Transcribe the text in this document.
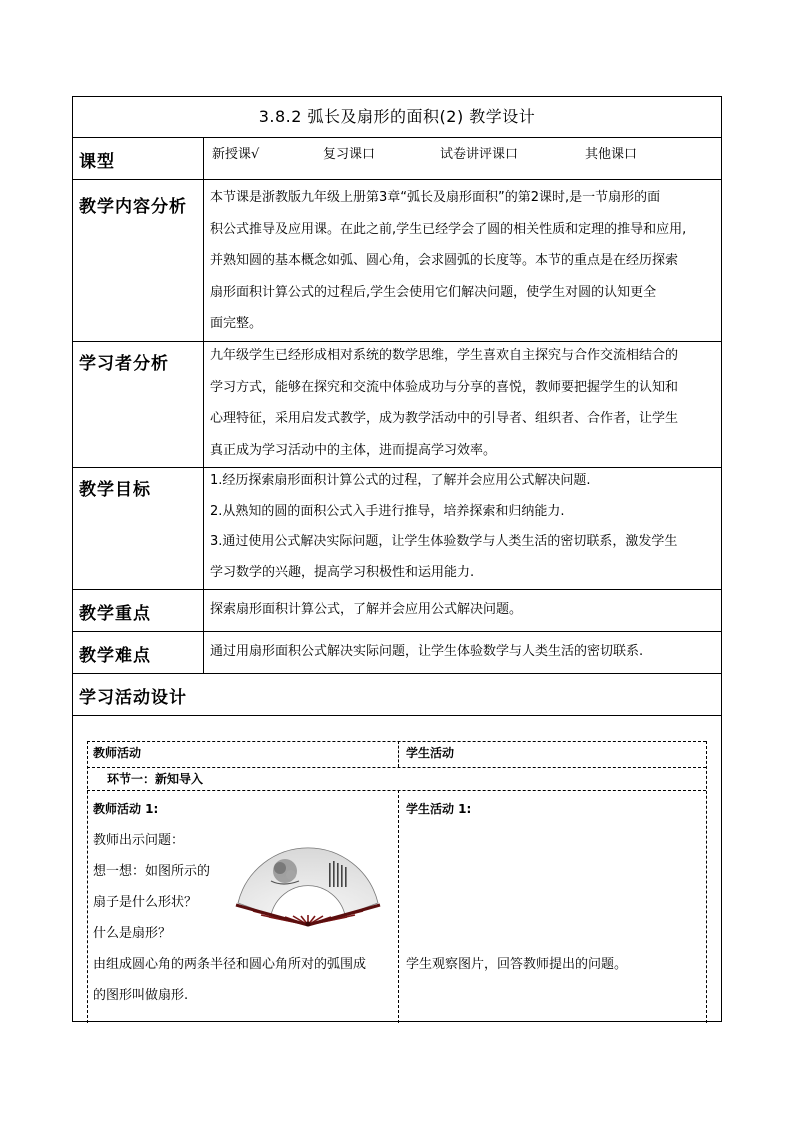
3.8.2 弧长及扇形的面积(2) 教学设计
课型	新授课√	复习课口	试卷讲评课口	其他课口
教学内容分析 本节课是浙教版九年级上册第3章“弧长及扇形面积”的第2课时,是一节扇形的面
积公式推导及应用课。在此之前,学生已经学会了圆的相关性质和定理的推导和应用,
并熟知圆的基本概念如弧、圆心角，会求圆弧的长度等。本节的重点是在经历探索
扇形面积计算公式的过程后,学生会使用它们解决问题，使学生对圆的认知更全
面完整。
学习者分析	九年级学生已经形成相对系统的数学思维，学生喜欢自主探究与合作交流相结合的
学习方式，能够在探究和交流中体验成功与分享的喜悦，教师要把握学生的认知和
心理特征，采用启发式教学，成为教学活动中的引导者、组织者、合作者，让学生
真正成为学习活动中的主体，进而提高学习效率。
教学目标	1.经历探索扇形面积计算公式的过程，了解并会应用公式解决问题.
2.从熟知的圆的面积公式入手进行推导，培养探索和归纳能力.
3.通过使用公式解决实际问题，让学生体验数学与人类生活的密切联系，激发学生
学习数学的兴趣，提高学习积极性和运用能力.
教学重点	探索扇形面积计算公式，了解并会应用公式解决问题。
教学难点	通过用扇形面积公式解决实际问题，让学生体验数学与人类生活的密切联系.
学习活动设计
教师活动	学生活动
环节一：新知导入
教师活动 1:	学生活动 1:
教师出示问题：
想一想：如图所示的
扇子是什么形状？
什么是扇形？
由组成圆心角的两条半径和圆心角所对的弧围成
的图形叫做扇形.
学生观察图片，回答教师提出的问题。
